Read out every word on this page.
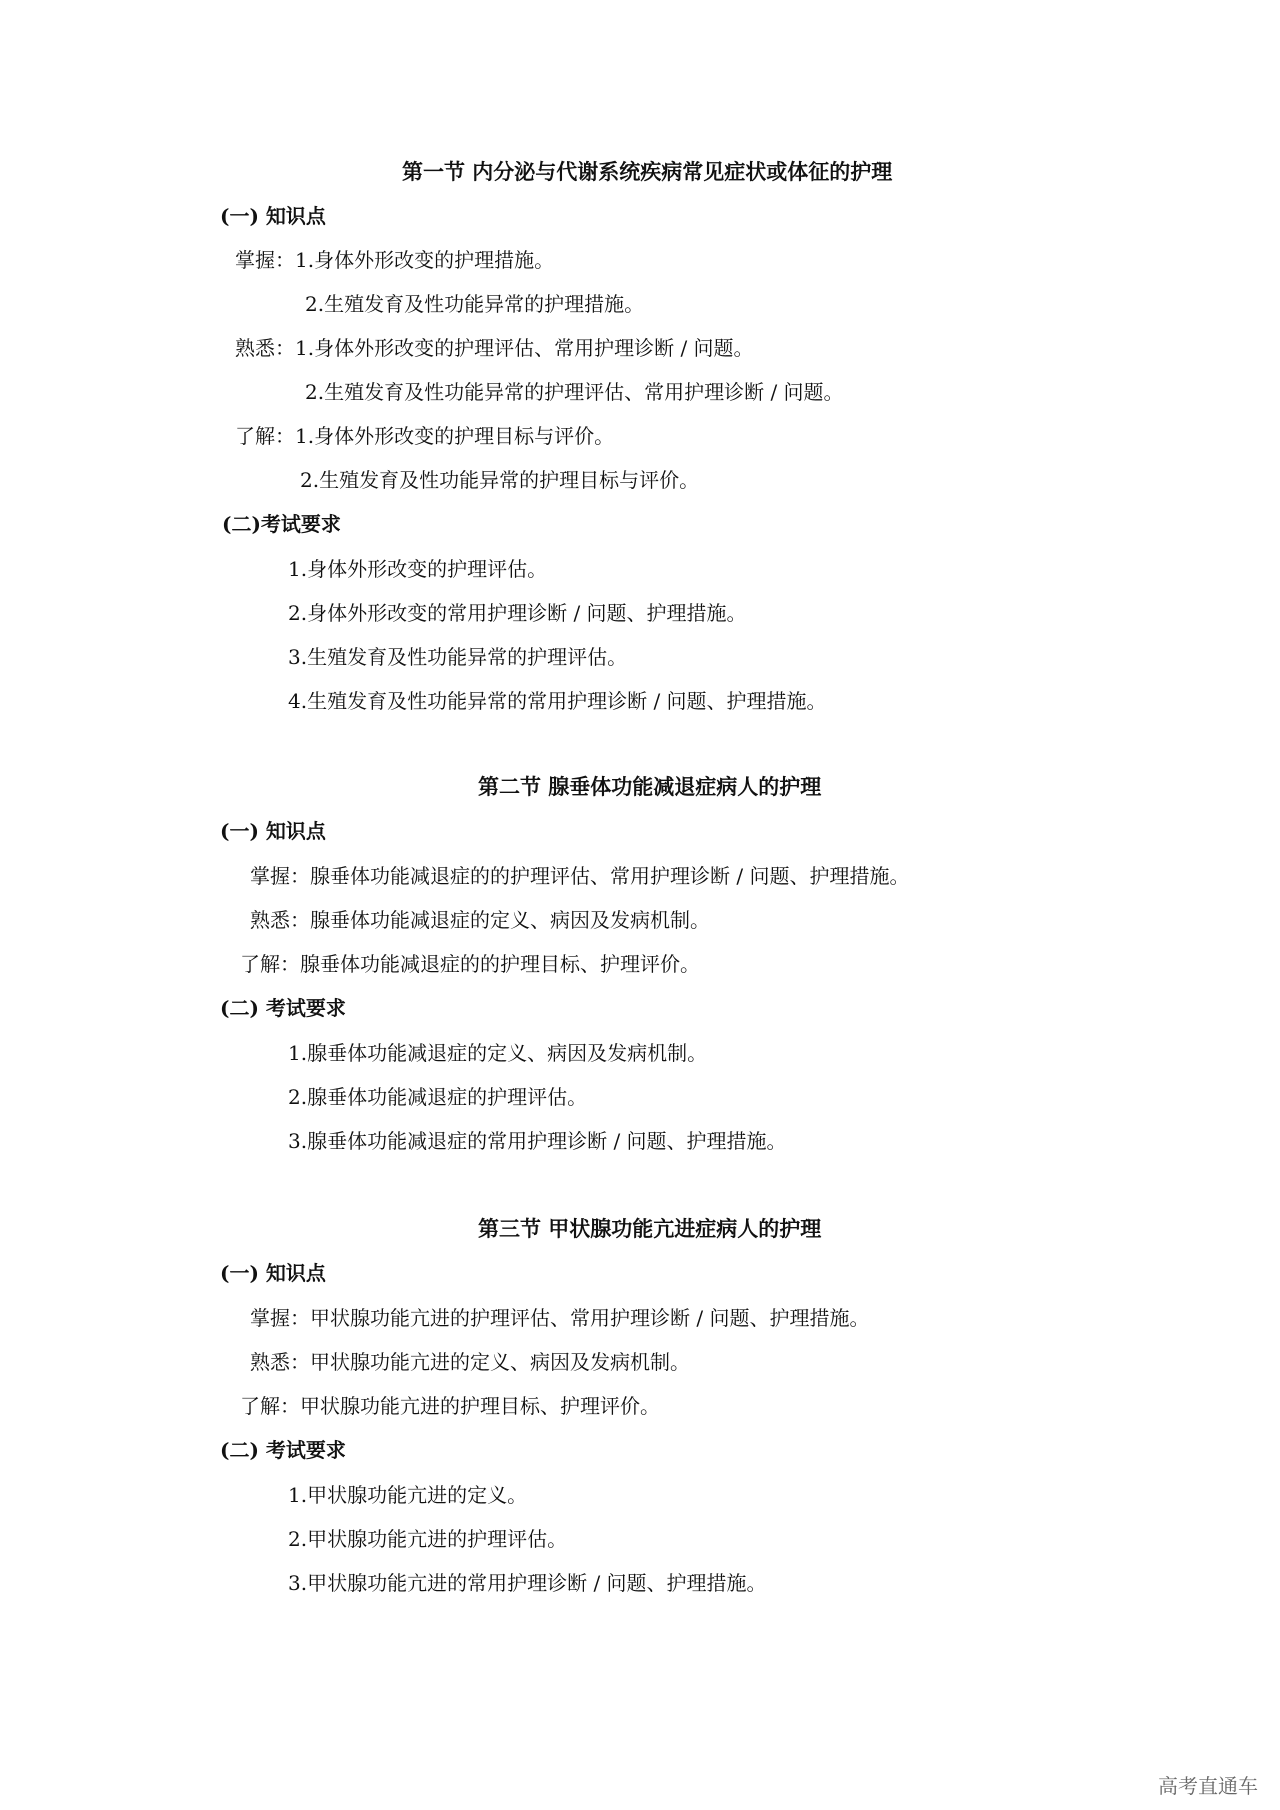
第一节 内分泌与代谢系统疾病常见症状或体征的护理
(一) 知识点
掌握：1.身体外形改变的护理措施。
2.生殖发育及性功能异常的护理措施。
熟悉：1.身体外形改变的护理评估、常用护理诊断 / 问题。
2.生殖发育及性功能异常的护理评估、常用护理诊断 / 问题。
了解：1.身体外形改变的护理目标与评价。
2.生殖发育及性功能异常的护理目标与评价。
(二)考试要求
1.身体外形改变的护理评估。
2.身体外形改变的常用护理诊断 / 问题、护理措施。
3.生殖发育及性功能异常的护理评估。
4.生殖发育及性功能异常的常用护理诊断 / 问题、护理措施。
第二节 腺垂体功能减退症病人的护理
(一) 知识点
掌握：腺垂体功能减退症的的护理评估、常用护理诊断 / 问题、护理措施。
熟悉：腺垂体功能减退症的定义、病因及发病机制。
了解：腺垂体功能减退症的的护理目标、护理评价。
(二) 考试要求
1.腺垂体功能减退症的定义、病因及发病机制。
2.腺垂体功能减退症的护理评估。
3.腺垂体功能减退症的常用护理诊断 / 问题、护理措施。
第三节 甲状腺功能亢进症病人的护理
(一) 知识点
掌握：甲状腺功能亢进的护理评估、常用护理诊断 / 问题、护理措施。
熟悉：甲状腺功能亢进的定义、病因及发病机制。
了解：甲状腺功能亢进的护理目标、护理评价。
(二) 考试要求
1.甲状腺功能亢进的定义。
2.甲状腺功能亢进的护理评估。
3.甲状腺功能亢进的常用护理诊断 / 问题、护理措施。
高考直通车
